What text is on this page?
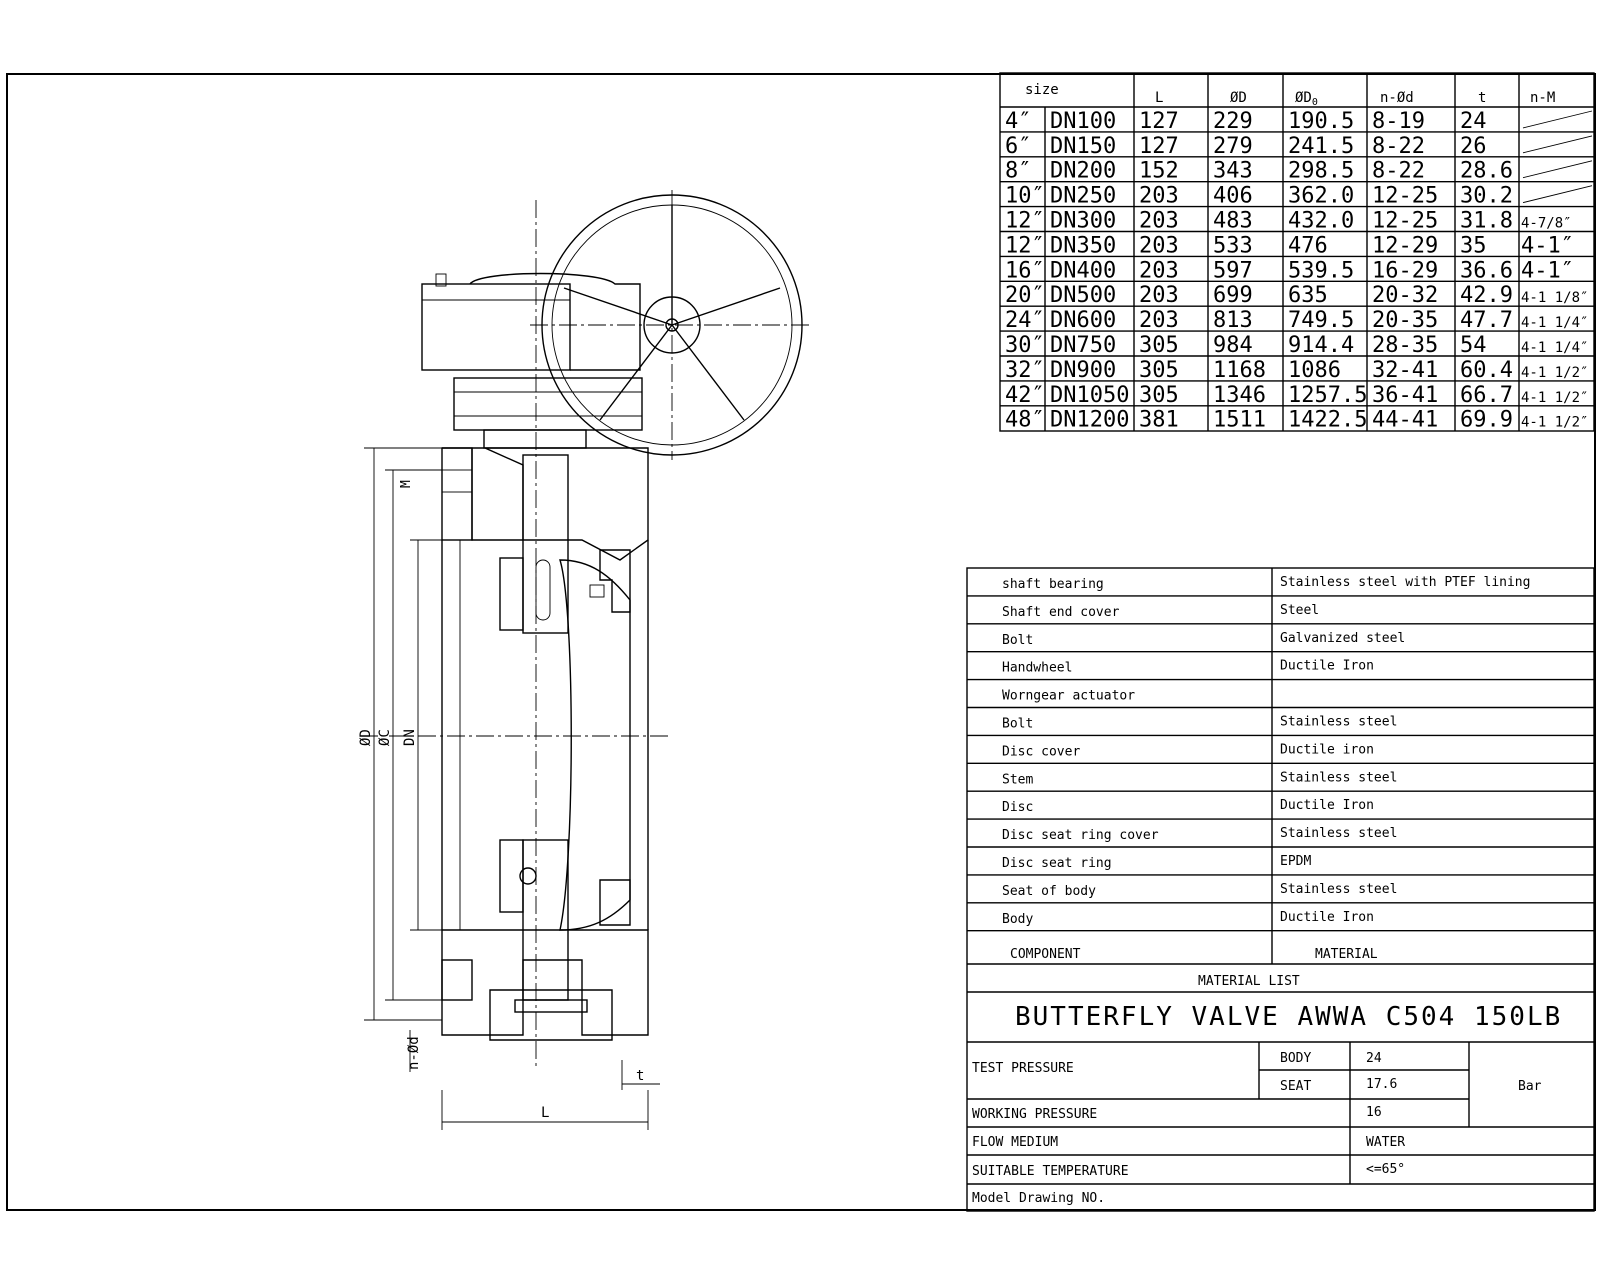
ØD ØC DN
M
n-Ød
t
L
size	L	ØD	$ØD_0$	n-Ød	t	n-M
4″ DN100 127 229 190.5 8-19 24
6″ DN150 127 279 241.5 8-22 26
8″ DN200 152 343 298.5 8-22 28.6
10″ DN250 203 406 362.0 12-25 30.2
12″ DN300 203 483 432.0 12-25 31.8 4-7/8″
12″ DN350 203 533 476 12-29 35 4-1″
16″ DN400 203 597 539.5 16-29 36.6 4-1″
20″ DN500 203 699 635 20-32 42.9 4-1 1/8″
24″ DN600 203 813 749.5 20-35 47.7 4-1 1/4″
30″ DN750 305 984 914.4 28-35 54 4-1 1/4″
32″ DN900 305 1168 1086 32-41 60.4 4-1 1/2″
42″ DN1050 305 1346 1257.5 36-41 66.7 4-1 1/2″
48″ DN1200 381 1511 1422.5 44-41 69.9 4-1 1/2″
COMPONENT	MATERIAL
MATERIAL LIST
shaft bearing	Stainless steel with PTEF lining
Shaft end cover	Steel
Bolt	Galvanized steel
Handwheel	Ductile Iron
Worngear actuator
Bolt	Stainless steel
Disc cover	Ductile iron
Stem	Stainless steel
Disc	Ductile Iron
Disc seat ring cover	Stainless steel
Disc seat ring	EPDM
Seat of body	Stainless steel
Body	Ductile Iron
BUTTERFLY VALVE AWWA C504 150LB
TEST PRESSURE
BODY	24
SEAT	17.6	Bar
WORKING PRESSURE	16
FLOW MEDIUM	WATER
SUITABLE TEMPERATURE	<=65°
Model Drawing NO.
